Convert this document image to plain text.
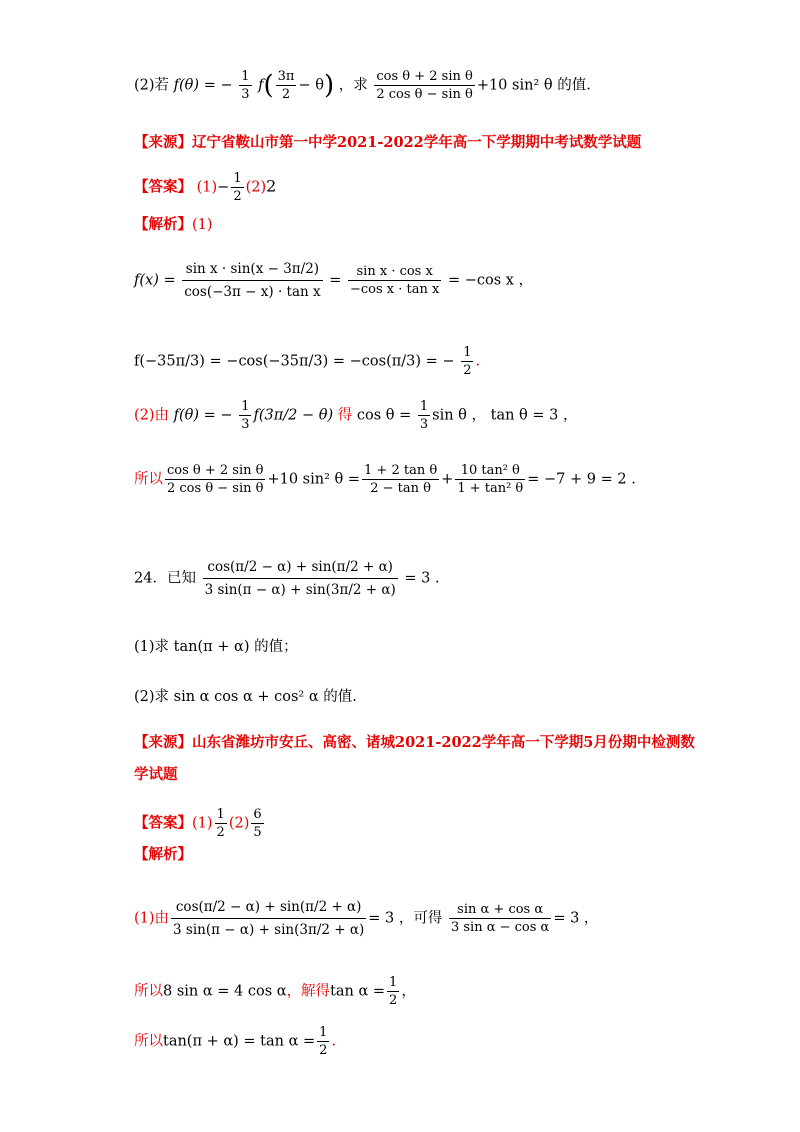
(2)若 f(θ) = − $\frac{1}{3} f( \frac{3\pi}{2} - \theta)$ ，求 $\frac{\text{cos θ + 2 sin θ}}{\text{2 cos θ − sin θ}} +10$ sin² θ 的值.
【来源】辽宁省鞍山市第一中学2021-2022学年高一下学期期中考试数学试题
【答案】 $(1)- \frac{1}{2} (2)2$
【解析】(1)
$f(x) = \frac{\text{sin x · sin(x − 3π/2)}}{\text{cos(−3π − x) · tan x}} = \frac{\text{sin x · cos x}}{\text{−cos x · tan x}} = -\cos$ x ，
f(−35π/3) = −cos(−35π/3) = −cos(π/3) = − $\frac{1}{2}$ .
(2)由 f(θ) = − $\frac{1}{3} f(3\pi/2 - \theta)$ 得 $\cos \theta = \frac{1}{3}$ sin θ ， tan θ = 3 ，
所以 $\frac{\text{cos θ + 2 sin θ}}{\text{2 cos θ − sin θ}} +10$ sin² $\theta = \frac{\text{1 + 2 tan θ}}{\text{2 − tan θ}} + \frac{\text{10 tan² θ}}{\text{1 + tan² θ}} = -7 + 9 = 2$ .
24．已知 $\frac{\cos(\pi/2 - \alpha) + \sin(\pi/2 + \alpha)}{3 \sin(\pi - \alpha) + \sin(3\pi/2 + \alpha)} = 3$ .
(1)求 tan(π + α) 的值；
(2)求 sin α cos α + cos² α 的值.
【来源】山东省潍坊市安丘、高密、诸城2021-2022学年高一下学期5月份期中检测数
学试题
【答案】$(1) \frac{1}{2} (2) \frac{6}{5}$
【解析】
(1)由 $\frac{\cos(\pi/2 - \alpha) + \sin(\pi/2 + \alpha)}{3 \sin(\pi - \alpha) + \sin(3\pi/2 + \alpha)} = 3$ ，可得 $\frac{\text{sin α + cos α}}{\text{3 sin α − cos α}} = 3$ ，
所以8 sin α = 4 cos α，解得$\tan \alpha = \frac{1}{2}$ ，
所以$\tan(\pi + \alpha) = \tan \alpha = \frac{1}{2}$ .
